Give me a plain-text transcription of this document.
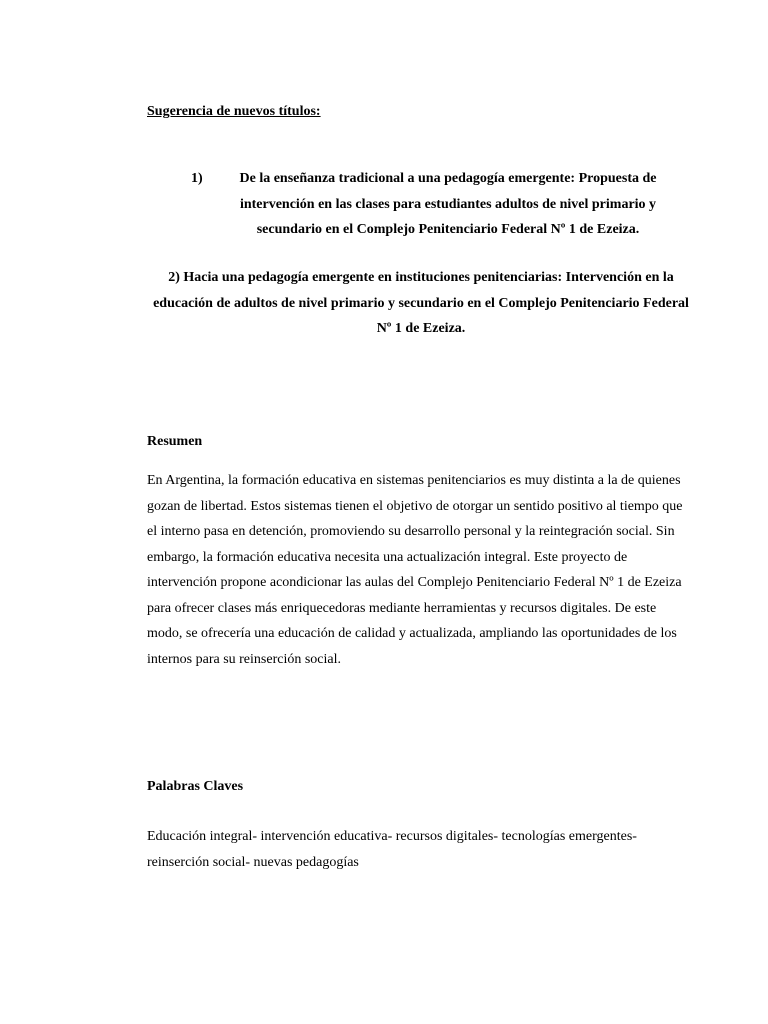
Sugerencia de nuevos títulos:
1)	De la enseñanza tradicional a una pedagogía emergente: Propuesta de intervención en las clases para estudiantes adultos de nivel primario y secundario en el Complejo Penitenciario Federal Nº 1 de Ezeiza.
2) Hacia una pedagogía emergente en instituciones penitenciarias: Intervención en la educación de adultos de nivel primario y secundario en el Complejo Penitenciario Federal Nº 1 de Ezeiza.
Resumen
En Argentina, la formación educativa en sistemas penitenciarios es muy distinta a la de quienes gozan de libertad. Estos sistemas tienen el objetivo de otorgar un sentido positivo al tiempo que el interno pasa en detención, promoviendo su desarrollo personal y la reintegración social. Sin embargo, la formación educativa necesita una actualización integral. Este proyecto de intervención propone acondicionar las aulas del Complejo Penitenciario Federal Nº 1 de Ezeiza para ofrecer clases más enriquecedoras mediante herramientas y recursos digitales. De este modo, se ofrecería una educación de calidad y actualizada, ampliando las oportunidades de los internos para su reinserción social.
Palabras Claves
Educación integral- intervención educativa- recursos digitales- tecnologías emergentes- reinserción social- nuevas pedagogías
